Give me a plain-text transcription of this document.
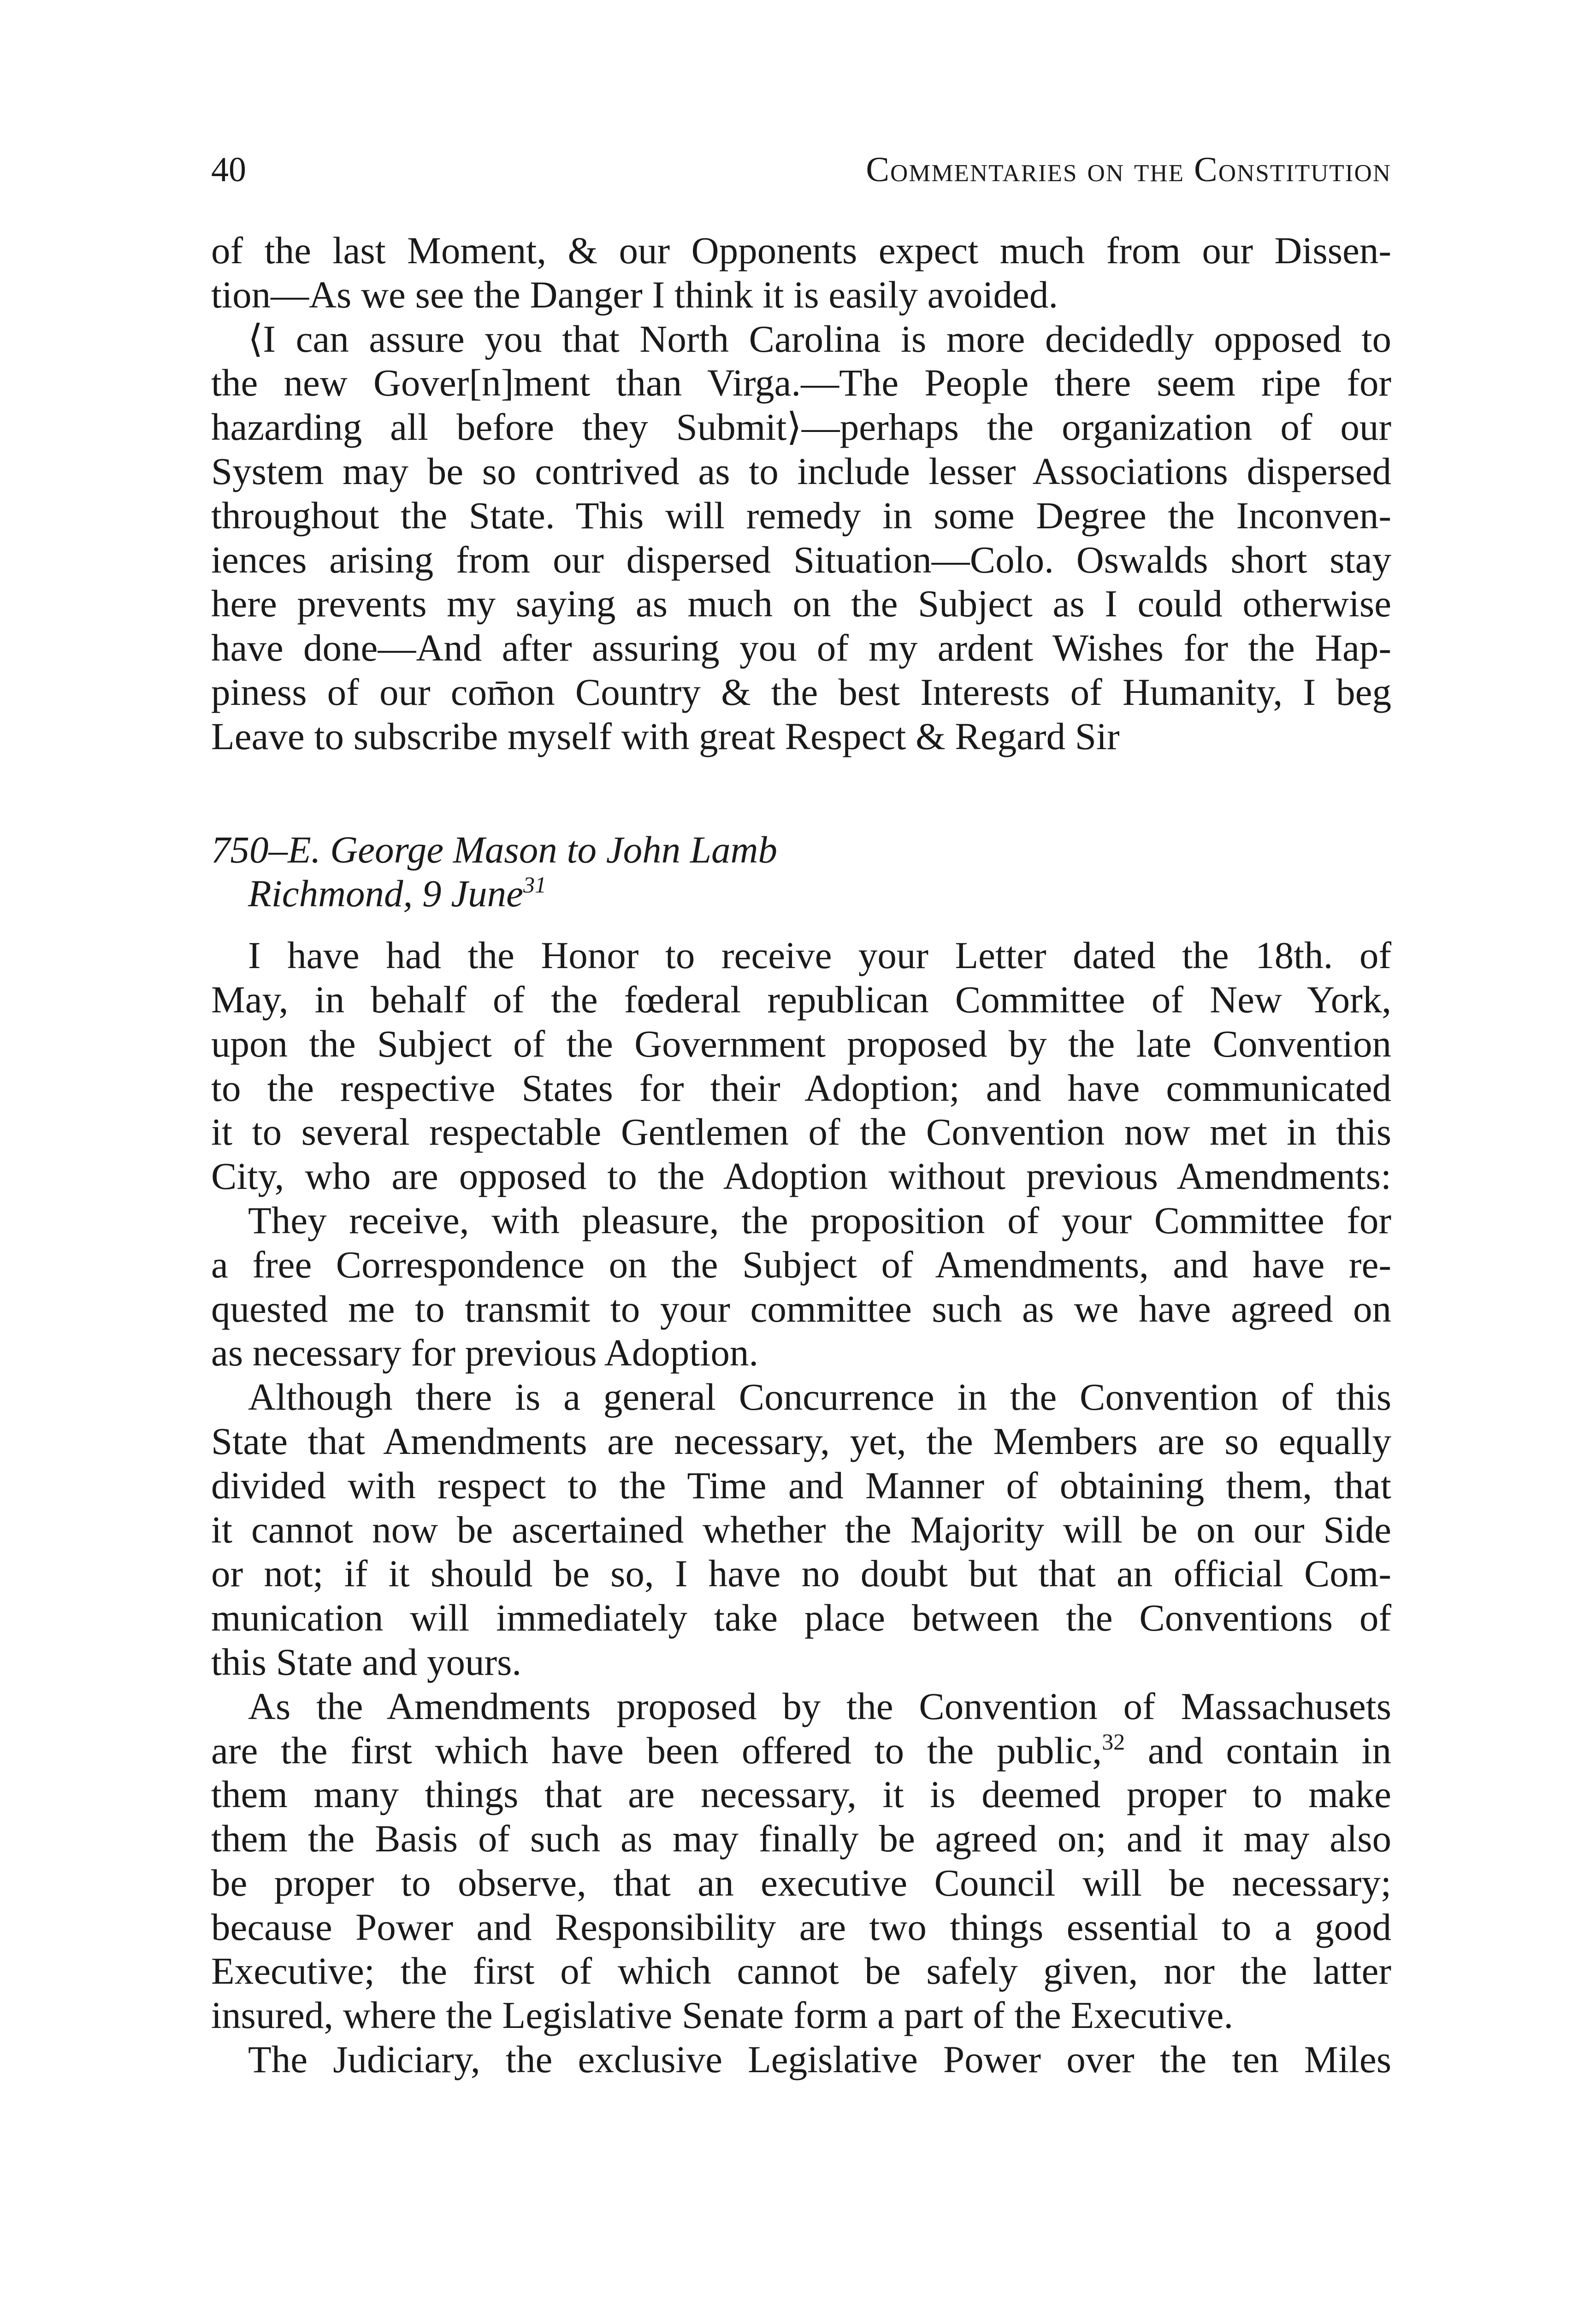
40	Commentaries on the Constitution
of the last Moment, & our Opponents expect much from our Dissen-
tion—As we see the Danger I think it is easily avoided.
⟨I can assure you that North Carolina is more decidedly opposed to
the new Gover[n]ment than Virga.—The People there seem ripe for
hazarding all before they Submit⟩—perhaps the organization of our
System may be so contrived as to include lesser Associations dispersed
throughout the State. This will remedy in some Degree the Inconven-
iences arising from our dispersed Situation—Colo. Oswalds short stay
here prevents my saying as much on the Subject as I could otherwise
have done—And after assuring you of my ardent Wishes for the Hap-
piness of our com̄on Country & the best Interests of Humanity, I beg
Leave to subscribe myself with great Respect & Regard Sir
750–E. George Mason to John Lamb
Richmond, 9 June$^{31}$
I have had the Honor to receive your Letter dated the 18th. of
May, in behalf of the fœderal republican Committee of New York,
upon the Subject of the Government proposed by the late Convention
to the respective States for their Adoption; and have communicated
it to several respectable Gentlemen of the Convention now met in this
City, who are opposed to the Adoption without previous Amendments:
They receive, with pleasure, the proposition of your Committee for
a free Correspondence on the Subject of Amendments, and have re-
quested me to transmit to your committee such as we have agreed on
as necessary for previous Adoption.
Although there is a general Concurrence in the Convention of this
State that Amendments are necessary, yet, the Members are so equally
divided with respect to the Time and Manner of obtaining them, that
it cannot now be ascertained whether the Majority will be on our Side
or not; if it should be so, I have no doubt but that an official Com-
munication will immediately take place between the Conventions of
this State and yours.
As the Amendments proposed by the Convention of Massachusets
are the first which have been offered to the public,$^{32}$ and contain in
them many things that are necessary, it is deemed proper to make
them the Basis of such as may finally be agreed on; and it may also
be proper to observe, that an executive Council will be necessary;
because Power and Responsibility are two things essential to a good
Executive; the first of which cannot be safely given, nor the latter
insured, where the Legislative Senate form a part of the Executive.
The Judiciary, the exclusive Legislative Power over the ten Miles
